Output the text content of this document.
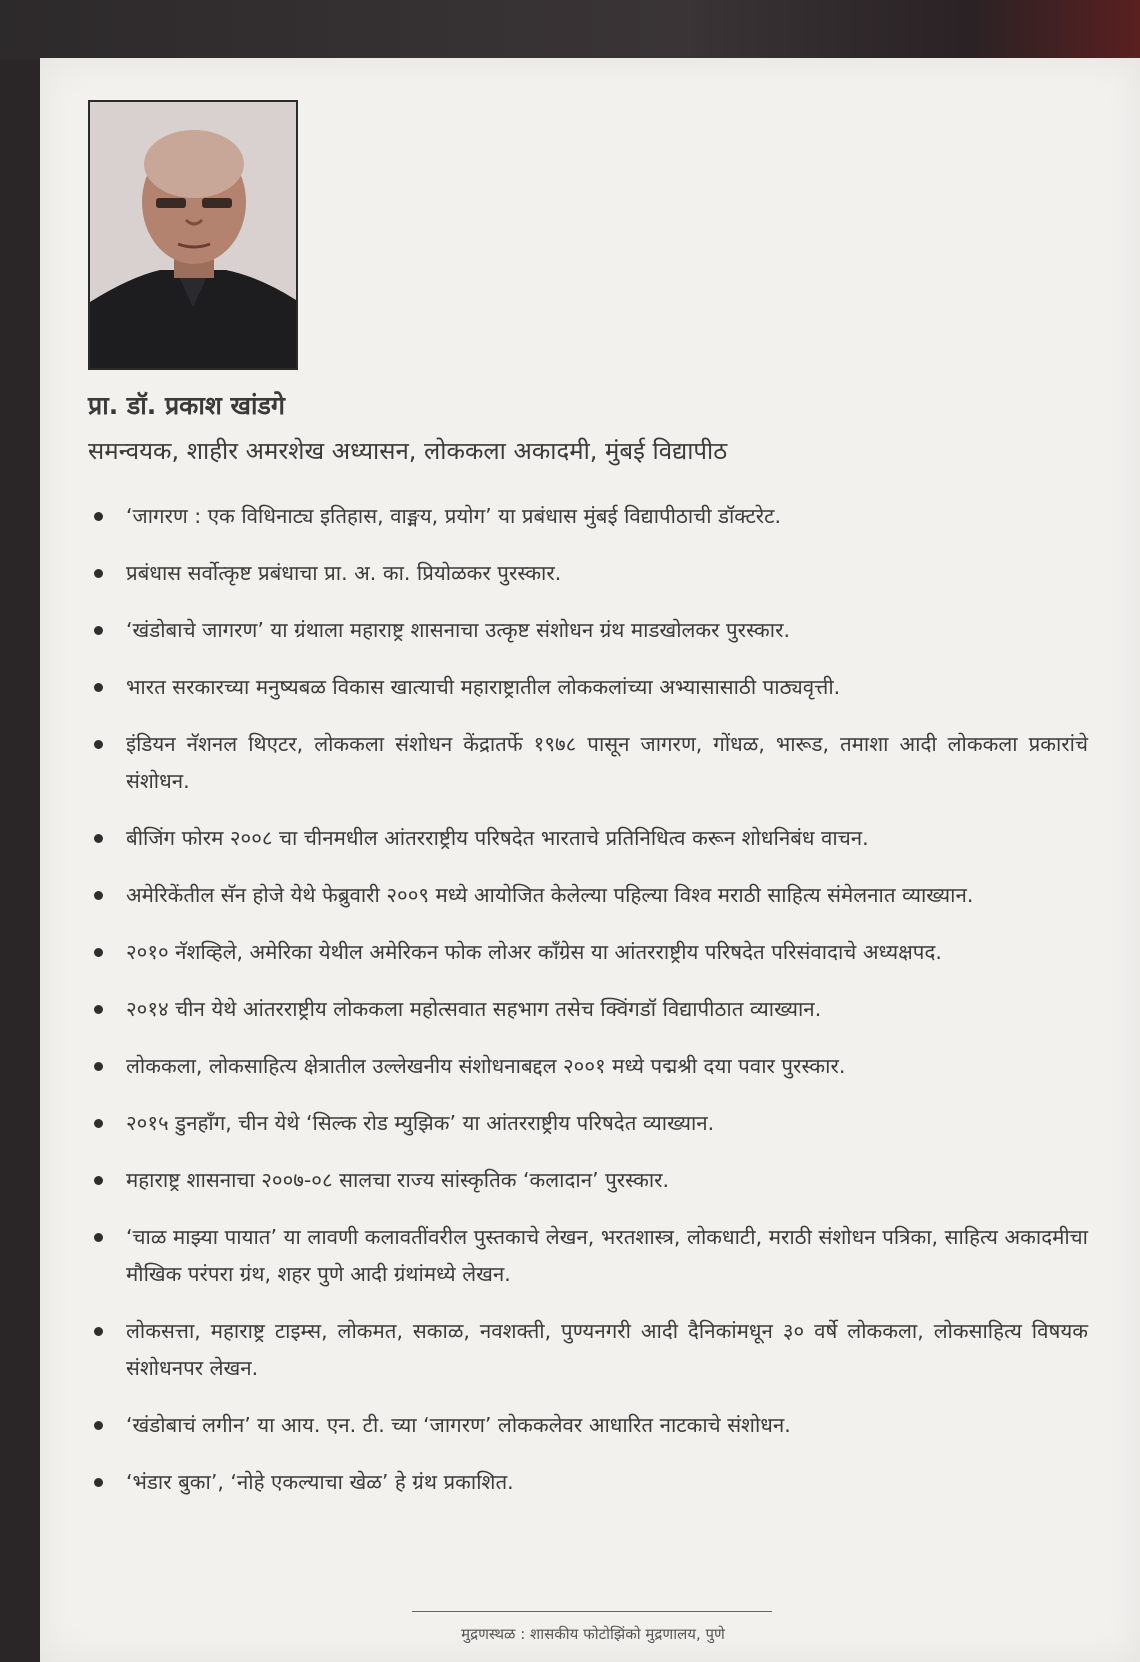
प्रा. डॉ. प्रकाश खांडगे

समन्वयक, शाहीर अमरशेख अध्यासन, लोककला अकादमी, मुंबई विद्यापीठ

‘जागरण : एक विधिनाट्य इतिहास, वाङ्मय, प्रयोग’ या प्रबंधास मुंबई विद्यापीठाची डॉक्टरेट.
प्रबंधास सर्वोत्कृष्ट प्रबंधाचा प्रा. अ. का. प्रियोळकर पुरस्कार.
‘खंडोबाचे जागरण’ या ग्रंथाला महाराष्ट्र शासनाचा उत्कृष्ट संशोधन ग्रंथ माडखोलकर पुरस्कार.
भारत सरकारच्या मनुष्यबळ विकास खात्याची महाराष्ट्रातील लोककलांच्या अभ्यासासाठी पाठ्यवृत्ती.
इंडियन नॅशनल थिएटर, लोककला संशोधन केंद्रातर्फे १९७८ पासून जागरण, गोंधळ, भारूड, तमाशा आदी लोककला प्रकारांचे संशोधन.
बीजिंग फोरम २००८ चा चीनमधील आंतरराष्ट्रीय परिषदेत भारताचे प्रतिनिधित्व करून शोधनिबंध वाचन.
अमेरिकेंतील सॅन होजे येथे फेब्रुवारी २००९ मध्ये आयोजित केलेल्या पहिल्या विश्व मराठी साहित्य संमेलनात व्याख्यान.
२०१० नॅशव्हिले, अमेरिका येथील अमेरिकन फोक लोअर कॉंग्रेस या आंतरराष्ट्रीय परिषदेत परिसंवादाचे अध्यक्षपद.
२०१४ चीन येथे आंतरराष्ट्रीय लोककला महोत्सवात सहभाग तसेच क्विंगडॉ विद्यापीठात व्याख्यान.
लोककला, लोकसाहित्य क्षेत्रातील उल्लेखनीय संशोधनाबद्दल २००१ मध्ये पद्मश्री दया पवार पुरस्कार.
२०१५ डुनहॉंग, चीन येथे ‘सिल्क रोड म्युझिक’ या आंतरराष्ट्रीय परिषदेत व्याख्यान.
महाराष्ट्र शासनाचा २००७-०८ सालचा राज्य सांस्कृतिक ‘कलादान’ पुरस्कार.
‘चाळ माझ्या पायात’ या लावणी कलावतींवरील पुस्तकाचे लेखन, भरतशास्त्र, लोकधाटी, मराठी संशोधन पत्रिका, साहित्य अकादमीचा मौखिक परंपरा ग्रंथ, शहर पुणे आदी ग्रंथांमध्ये लेखन.
लोकसत्ता, महाराष्ट्र टाइम्स, लोकमत, सकाळ, नवशक्ती, पुण्यनगरी आदी दैनिकांमधून ३० वर्षे लोककला, लोकसाहित्य विषयक संशोधनपर लेखन.
‘खंडोबाचं लगीन’ या आय. एन. टी. च्या ‘जागरण’ लोककलेवर आधारित नाटकाचे संशोधन.
‘भंडार बुका’, ‘नोहे एकल्याचा खेळ’ हे ग्रंथ प्रकाशित.

मुद्रणस्थळ : शासकीय फोटोझिंको मुद्रणालय, पुणे
